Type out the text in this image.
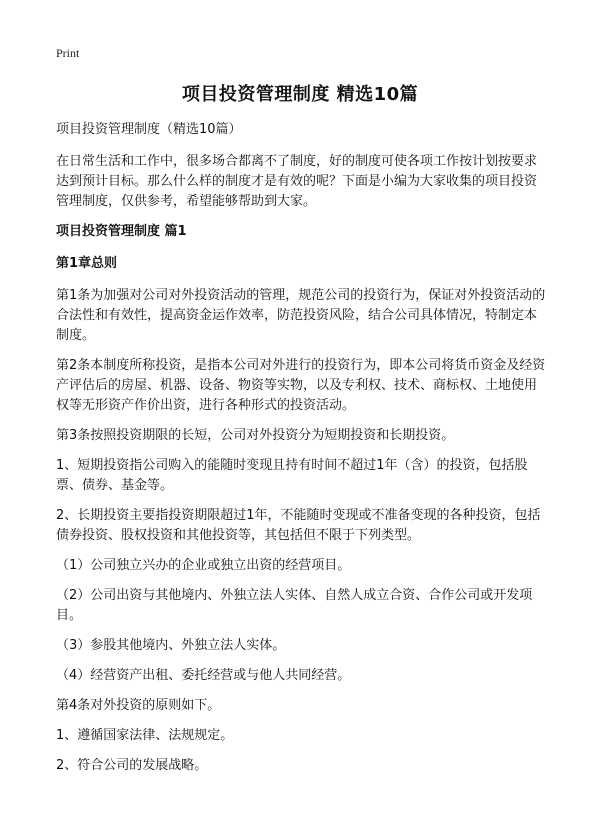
Print
项目投资管理制度 精选10篇

项目投资管理制度（精选10篇）

在日常生活和工作中，很多场合都离不了制度，好的制度可使各项工作按计划按要求达到预计目标。那么什么样的制度才是有效的呢？下面是小编为大家收集的项目投资管理制度，仅供参考，希望能够帮助到大家。

项目投资管理制度 篇1

第1章总则

第1条为加强对公司对外投资活动的管理，规范公司的投资行为，保证对外投资活动的合法性和有效性，提高资金运作效率，防范投资风险，结合公司具体情况，特制定本制度。

第2条本制度所称投资，是指本公司对外进行的投资行为，即本公司将货币资金及经资产评估后的房屋、机器、设备、物资等实物，以及专利权、技术、商标权、土地使用权等无形资产作价出资，进行各种形式的投资活动。

第3条按照投资期限的长短，公司对外投资分为短期投资和长期投资。

1、短期投资指公司购入的能随时变现且持有时间不超过1年（含）的投资，包括股票、债券、基金等。

2、长期投资主要指投资期限超过1年，不能随时变现或不准备变现的各种投资，包括债券投资、股权投资和其他投资等，其包括但不限于下列类型。

（1）公司独立兴办的企业或独立出资的经营项目。

（2）公司出资与其他境内、外独立法人实体、自然人成立合资、合作公司或开发项目。

（3）参股其他境内、外独立法人实体。

（4）经营资产出租、委托经营或与他人共同经营。

第4条对外投资的原则如下。

1、遵循国家法律、法规规定。

2、符合公司的发展战略。
